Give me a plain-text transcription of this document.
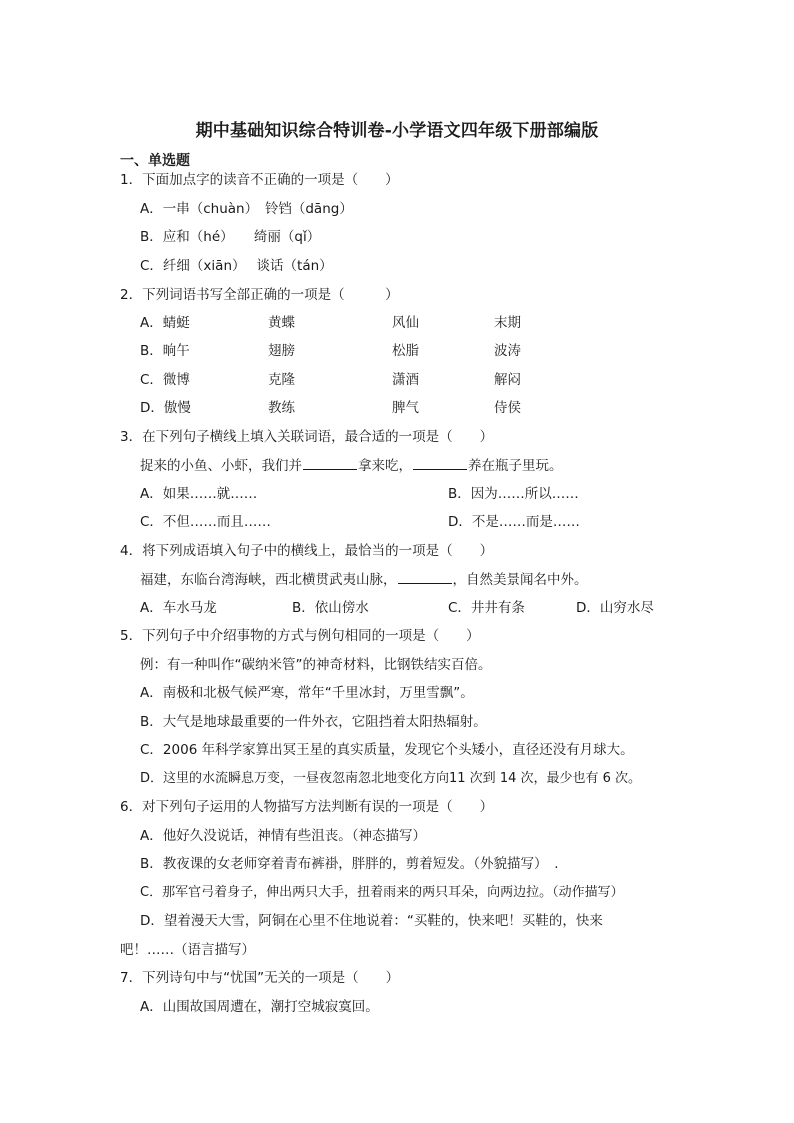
期中基础知识综合特训卷-小学语文四年级下册部编版
一、单选题
1．下面加点字的读音不正确的一项是（　　）
A．一串（chuàn）　铃铛（dāng）
B．应和（hé）　　绮丽（qǐ）
C．纤细（xiān）　 谈话（tán）
2．下列词语书写全部正确的一项是（　　　）
A．蜻蜓	黄蝶	风仙	末期
B．晌午	翅膀	松脂	波涛
C．微博	克隆	潇酒	解闷
D．傲慢	教练	脾气	侍侯
3．在下列句子横线上填入关联词语，最合适的一项是（　　）
捉来的小鱼、小虾，我们并	拿来吃，	养在瓶子里玩。
A．如果……就……	B．因为……所以……
C．不但……而且……	D．不是……而是……
4．将下列成语填入句子中的横线上，最恰当的一项是（　　）
福建，东临台湾海峡，西北横贯武夷山脉，	，自然美景闻名中外。
A．车水马龙	B．依山傍水	C．井井有条	D．山穷水尽
5．下列句子中介绍事物的方式与例句相同的一项是（　　）
例：有一种叫作“碳纳米管”的神奇材料，比钢铁结实百倍。
A．南极和北极气候严寒，常年“千里冰封，万里雪飘”。
B．大气是地球最重要的一件外衣，它阻挡着太阳热辐射。
C．2006 年科学家算出冥王星的真实质量，发现它个头矮小，直径还没有月球大。
D．这里的水流瞬息万变，一昼夜忽南忽北地变化方向11 次到 14 次，最少也有 6 次。
6．对下列句子运用的人物描写方法判断有误的一项是（　　）
A．他好久没说话，神情有些沮丧。（神态描写）
B．教夜课的女老师穿着青布裤褂，胖胖的，剪着短发。（外貌描写）　.
C．那军官弓着身子，伸出两只大手，扭着雨来的两只耳朵，向两边拉。（动作描写）
D．望着漫天大雪，阿铜在心里不住地说着：“买鞋的，快来吧！买鞋的，快来
吧！……（语言描写）
7．下列诗句中与“忧国”无关的一项是（　　）
A．山围故国周遭在，潮打空城寂寞回。
